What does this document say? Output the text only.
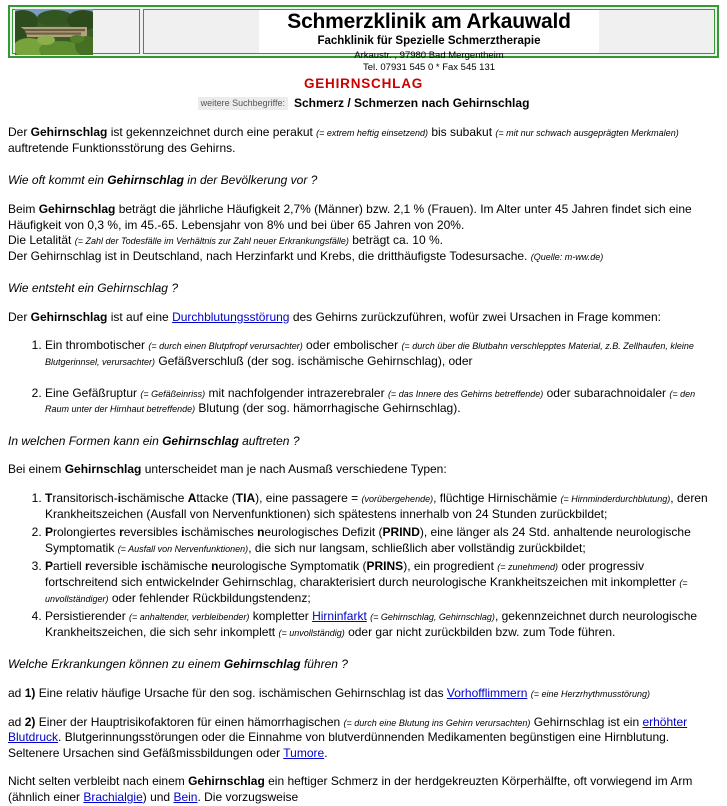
Schmerzklinik am Arkauwald
Fachklinik für Spezielle Schmerztherapie
Arkaustr. , 97980 Bad Mergentheim
Tel. 07931 545 0 * Fax 545 131
GEHIRNSCHLAG
weitere Suchbegriffe: Schmerz / Schmerzen nach Gehirnschlag

Der Gehirnschlag ist gekennzeichnet durch eine perakut (= extrem heftig einsetzend) bis subakut (= mit nur schwach ausgeprägten Merkmalen) auftretende Funktionsstörung des Gehirns.

Wie oft kommt ein Gehirnschlag in der Bevölkerung vor ?

Beim Gehirnschlag beträgt die jährliche Häufigkeit 2,7% (Männer) bzw. 2,1 % (Frauen). Im Alter unter 45 Jahren findet sich eine Häufigkeit von 0,3 %, im 45.-65. Lebensjahr von 8% und bei über 65 Jahren von 20%.
Die Letalität (= Zahl der Todesfälle im Verhältnis zur Zahl neuer Erkrankungsfälle) beträgt ca. 10 %.
Der Gehirnschlag ist in Deutschland, nach Herzinfarkt und Krebs, die dritthäufigste Todesursache. (Quelle: m-ww.de)

Wie entsteht ein Gehirnschlag ?

Der Gehirnschlag ist auf eine Durchblutungsstörung des Gehirns zurückzuführen, wofür zwei Ursachen in Frage kommen:

1. Ein thrombotischer (= durch einen Blutpfropf verursachter) oder embolischer (= durch über die Blutbahn verschlepptes Material, z.B. Zellhaufen, kleine Blutgerinnsel, verursachter) Gefäßverschluß (der sog. ischämische Gehirnschlag), oder
2. Eine Gefäßruptur (= Gefäßeinriss) mit nachfolgender intrazerebraler (= das Innere des Gehirns betreffende) oder subarachnoidaler (= den Raum unter der Hirnhaut betreffende) Blutung (der sog. hämorrhagische Gehirnschlag).

In welchen Formen kann ein Gehirnschlag auftreten ?

Bei einem Gehirnschlag unterscheidet man je nach Ausmaß verschiedene Typen:

1. Transitorisch-ischämische Attacke (TIA), eine passagere = (vorübergehende), flüchtige Hirnischämie (= Hirnminderdurchblutung), deren Krankheitszeichen (Ausfall von Nervenfunktionen) sich spätestens innerhalb von 24 Stunden zurückbildet;
2. Prolongiertes reversibles ischämisches neurologisches Defizit (PRIND), eine länger als 24 Std. anhaltende neurologische Symptomatik (= Ausfall von Nervenfunktionen), die sich nur langsam, schließlich aber vollständig zurückbildet;
3. Partiell reversible ischämische neurologische Symptomatik (PRINS), ein progredient (= zunehmend) oder progressiv fortschreitend sich entwickelnder Gehirnschlag, charakterisiert durch neurologische Krankheitszeichen mit inkompletter (= unvollständiger) oder fehlender Rückbildungstendenz;
4. Persistierender (= anhaltender, verbleibender) kompletter Hirninfarkt (= Gehirnschlag, Gehirnschlag), gekennzeichnet durch neurologische Krankheitszeichen, die sich sehr inkomplett (= unvollständig) oder gar nicht zurückbilden bzw. zum Tode führen.

Welche Erkrankungen können zu einem Gehirnschlag führen ?

ad 1) Eine relativ häufige Ursache für den sog. ischämischen Gehirnschlag ist das Vorhofflimmern (= eine Herzrhythmusstörung)

ad 2) Einer der Hauptrisikofaktoren für einen hämorrhagischen (= durch eine Blutung ins Gehirn verursachten) Gehirnschlag ist ein erhöhter Blutdruck. Blutgerinnungsstörungen oder die Einnahme von blutverdünnenden Medikamenten begünstigen eine Hirnblutung. Seltenere Ursachen sind Gefäßmissbildungen oder Tumore.

Nicht selten verbleibt nach einem Gehirnschlag ein heftiger Schmerz in der herdgekreuzten Körperhälfte, oft vorwiegend im Arm (ähnlich einer Brachialgie) und Bein. Die vorzugsweise
